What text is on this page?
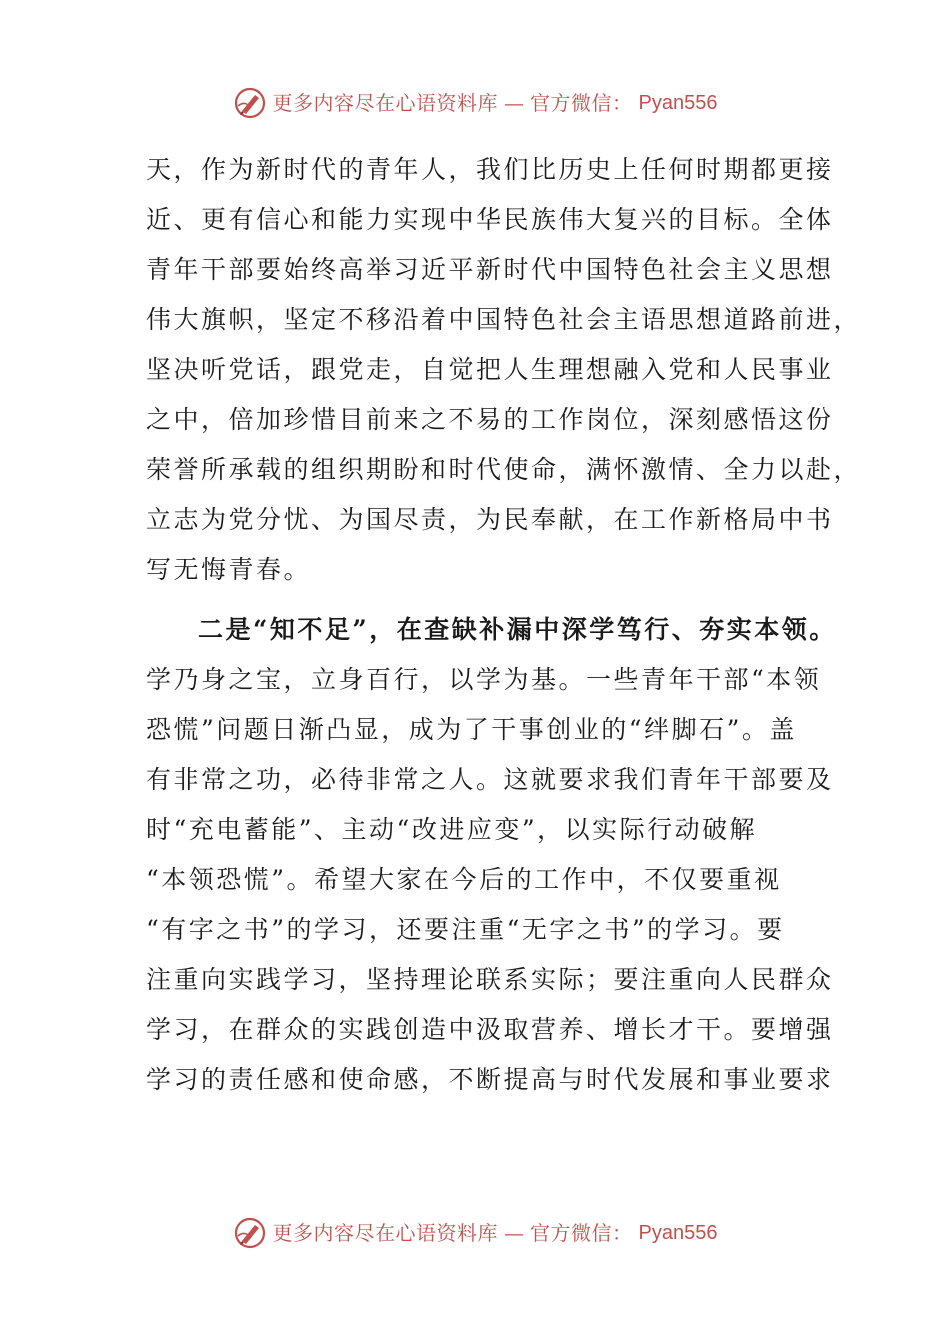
更多内容尽在心语资料库 — 官方微信： Pyan556
天，作为新时代的青年人，我们比历史上任何时期都更接
近、更有信心和能力实现中华民族伟大复兴的目标。全体
青年干部要始终高举习近平新时代中国特色社会主义思想
伟大旗帜，坚定不移沿着中国特色社会主语思想道路前进，
坚决听党话，跟党走，自觉把人生理想融入党和人民事业
之中，倍加珍惜目前来之不易的工作岗位，深刻感悟这份
荣誉所承载的组织期盼和时代使命，满怀激情、全力以赴，
立志为党分忧、为国尽责，为民奉献，在工作新格局中书
写无悔青春。
二是“知不足”，在查缺补漏中深学笃行、夯实本领。
学乃身之宝，立身百行，以学为基。一些青年干部“本领
恐慌”问题日渐凸显，成为了干事创业的“绊脚石”。盖
有非常之功，必待非常之人。这就要求我们青年干部要及
时“充电蓄能”、主动“改进应变”，以实际行动破解
“本领恐慌”。希望大家在今后的工作中，不仅要重视
“有字之书”的学习，还要注重“无字之书”的学习。要
注重向实践学习，坚持理论联系实际；要注重向人民群众
学习，在群众的实践创造中汲取营养、增长才干。要增强
学习的责任感和使命感，不断提高与时代发展和事业要求
更多内容尽在心语资料库 — 官方微信： Pyan556
